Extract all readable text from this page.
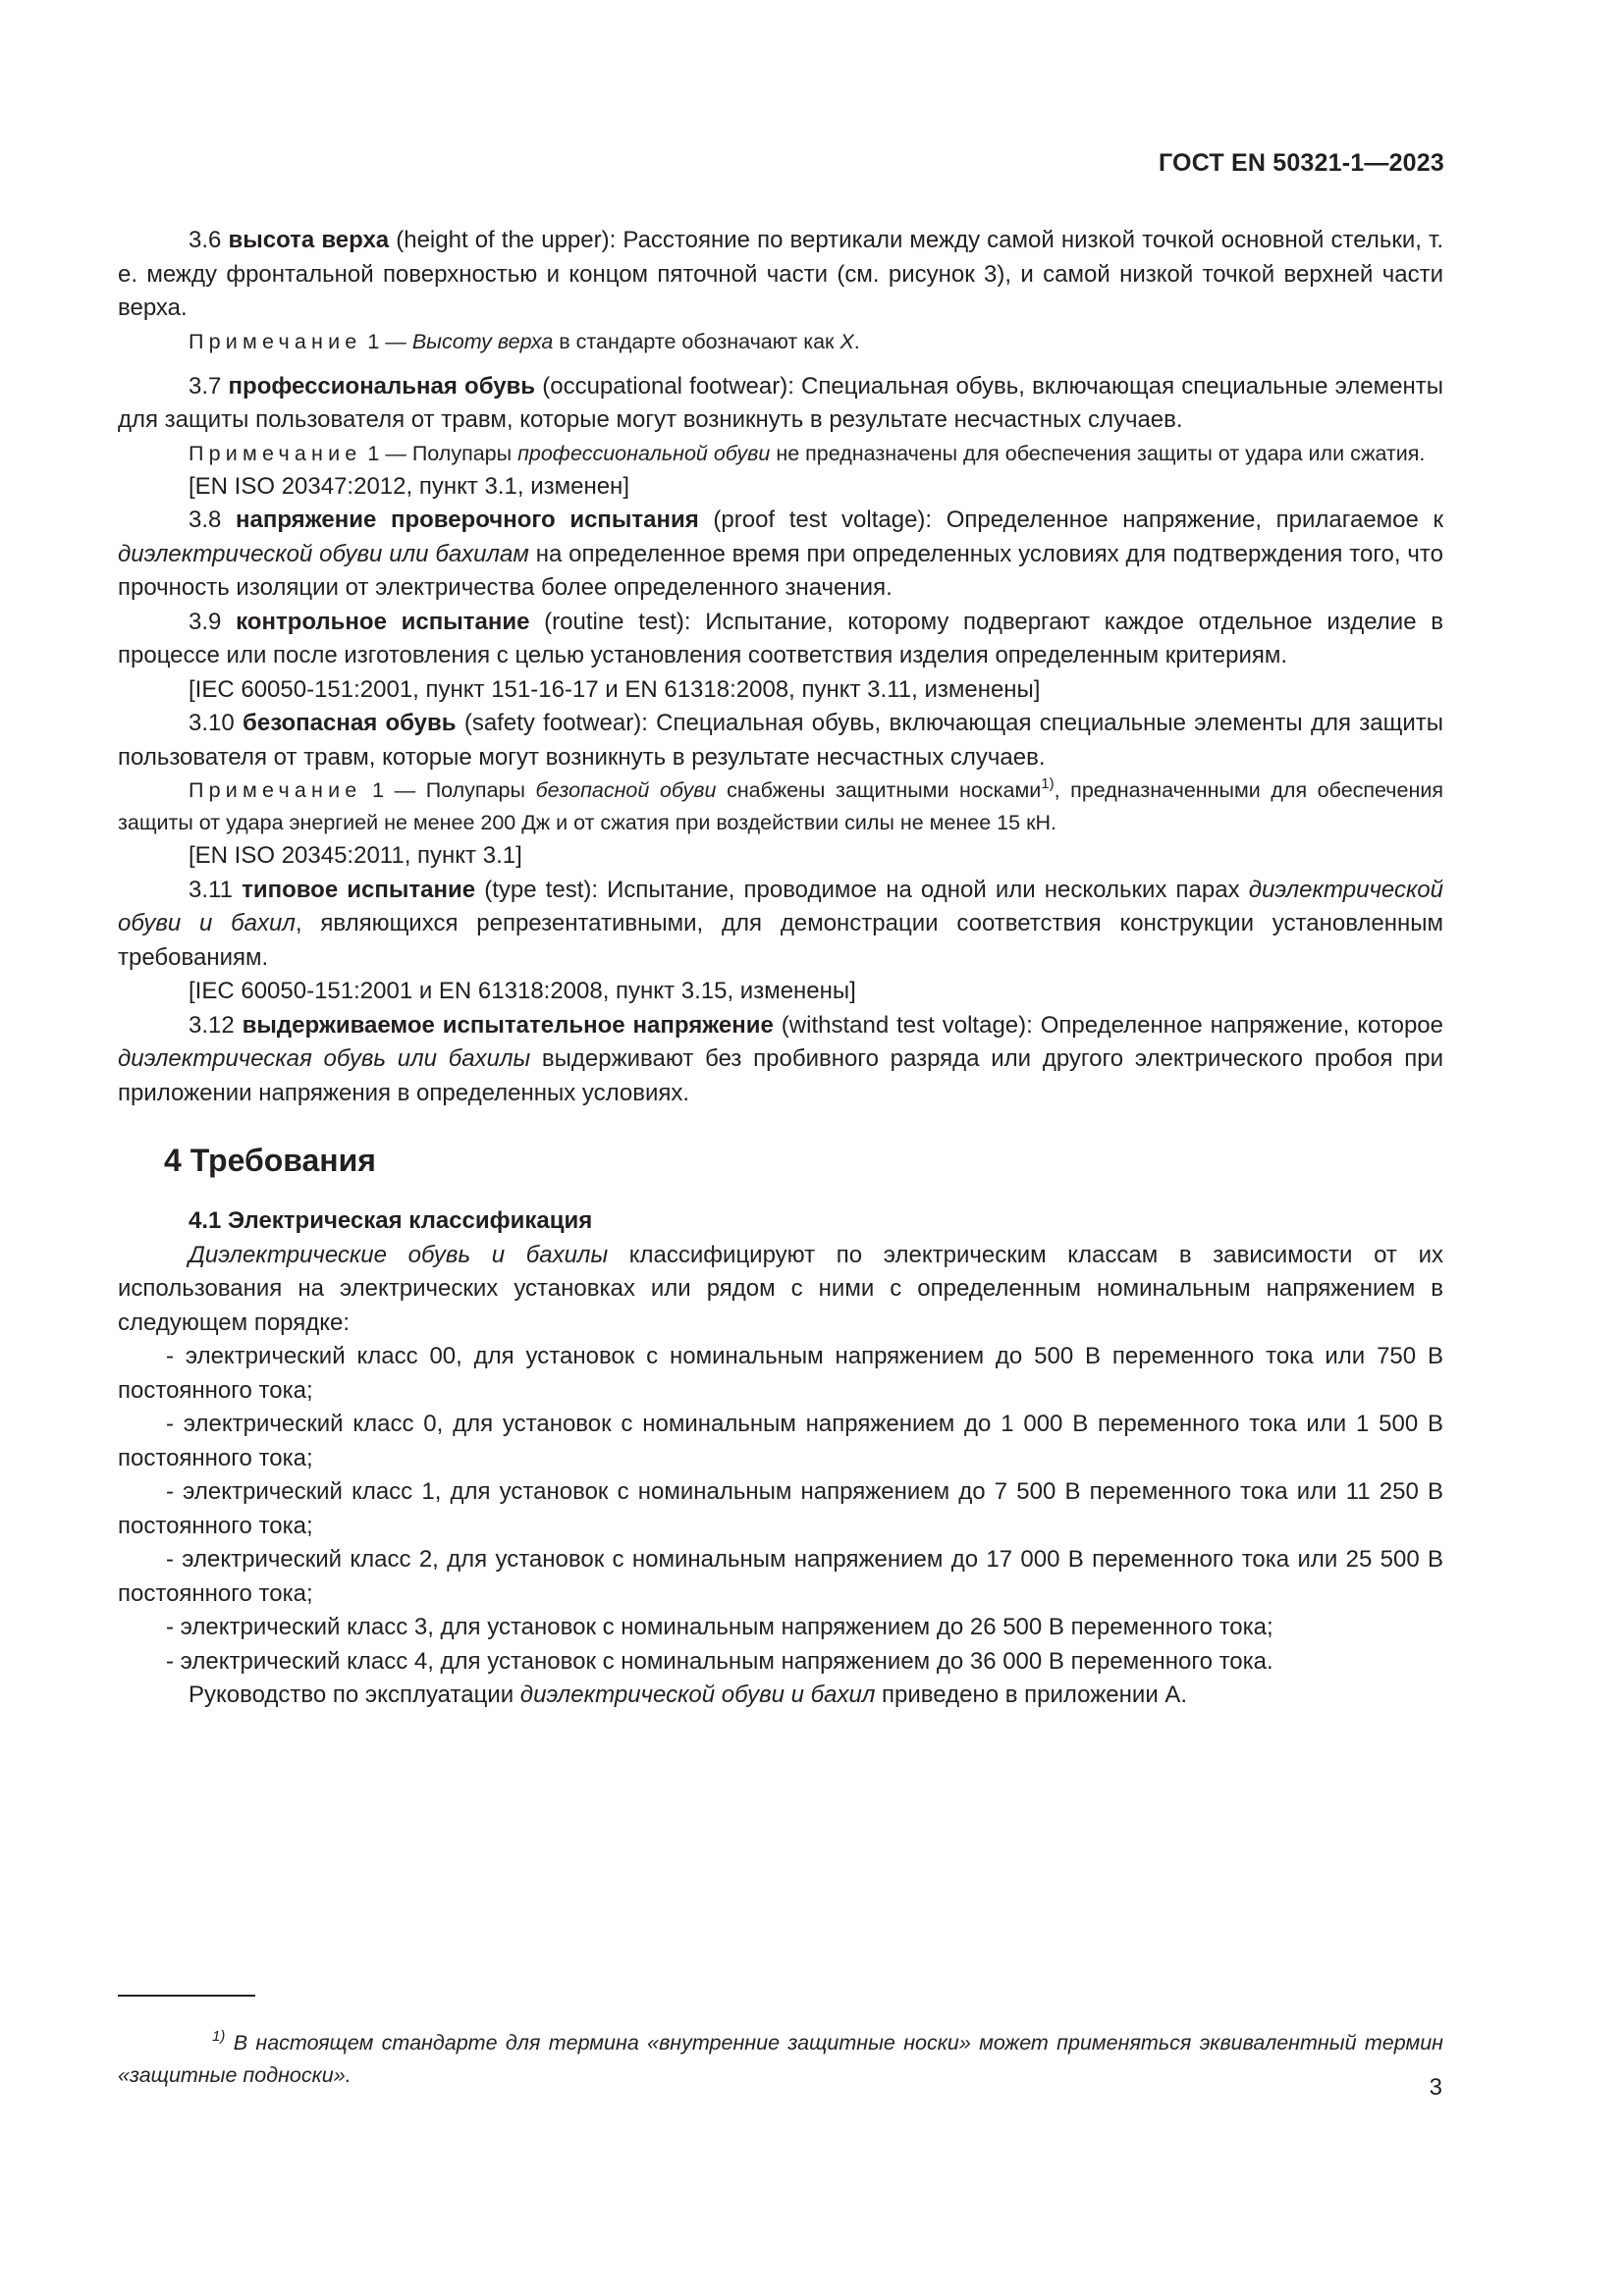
ГОСТ EN 50321-1—2023

3.6 высота верха (height of the upper): Расстояние по вертикали между самой низкой точкой основной стельки, т. е. между фронтальной поверхностью и концом пяточной части (см. рисунок 3), и самой низкой точкой верхней части верха.

Примечание 1 — Высоту верха в стандарте обозначают как X.

3.7 профессиональная обувь (occupational footwear): Специальная обувь, включающая специальные элементы для защиты пользователя от травм, которые могут возникнуть в результате несчастных случаев.

Примечание 1 — Полупары профессиональной обуви не предназначены для обеспечения защиты от удара или сжатия.

[EN ISO 20347:2012, пункт 3.1, изменен]

3.8 напряжение проверочного испытания (proof test voltage): Определенное напряжение, прилагаемое к диэлектрической обуви или бахилам на определенное время при определенных условиях для подтверждения того, что прочность изоляции от электричества более определенного значения.

3.9 контрольное испытание (routine test): Испытание, которому подвергают каждое отдельное изделие в процессе или после изготовления с целью установления соответствия изделия определенным критериям.

[IEC 60050-151:2001, пункт 151-16-17 и EN 61318:2008, пункт 3.11, изменены]

3.10 безопасная обувь (safety footwear): Специальная обувь, включающая специальные элементы для защиты пользователя от травм, которые могут возникнуть в результате несчастных случаев.

Примечание 1 — Полупары безопасной обуви снабжены защитными носками$^{1)}$, предназначенными для обеспечения защиты от удара энергией не менее 200 Дж и от сжатия при воздействии силы не менее 15 кН.

[EN ISO 20345:2011, пункт 3.1]

3.11 типовое испытание (type test): Испытание, проводимое на одной или нескольких парах диэлектрической обуви и бахил, являющихся репрезентативными, для демонстрации соответствия конструкции установленным требованиям.

[IEC 60050-151:2001 и EN 61318:2008, пункт 3.15, изменены]

3.12 выдерживаемое испытательное напряжение (withstand test voltage): Определенное напряжение, которое диэлектрическая обувь или бахилы выдерживают без пробивного разряда или другого электрического пробоя при приложении напряжения в определенных условиях.

4 Требования
4.1 Электрическая классификация

Диэлектрические обувь и бахилы классифицируют по электрическим классам в зависимости от их использования на электрических установках или рядом с ними с определенным номинальным напряжением в следующем порядке:

- электрический класс 00, для установок с номинальным напряжением до 500 В переменного тока или 750 В постоянного тока;

- электрический класс 0, для установок с номинальным напряжением до 1 000 В переменного тока или 1 500 В постоянного тока;

- электрический класс 1, для установок с номинальным напряжением до 7 500 В переменного тока или 11 250 В постоянного тока;

- электрический класс 2, для установок с номинальным напряжением до 17 000 В переменного тока или 25 500 В постоянного тока;

- электрический класс 3, для установок с номинальным напряжением до 26 500 В переменного тока;

- электрический класс 4, для установок с номинальным напряжением до 36 000 В переменного тока.

Руководство по эксплуатации диэлектрической обуви и бахил приведено в приложении А.

$^{1)}$ В настоящем стандарте для термина «внутренние защитные носки» может применяться эквивалентный термин «защитные подноски».	3
